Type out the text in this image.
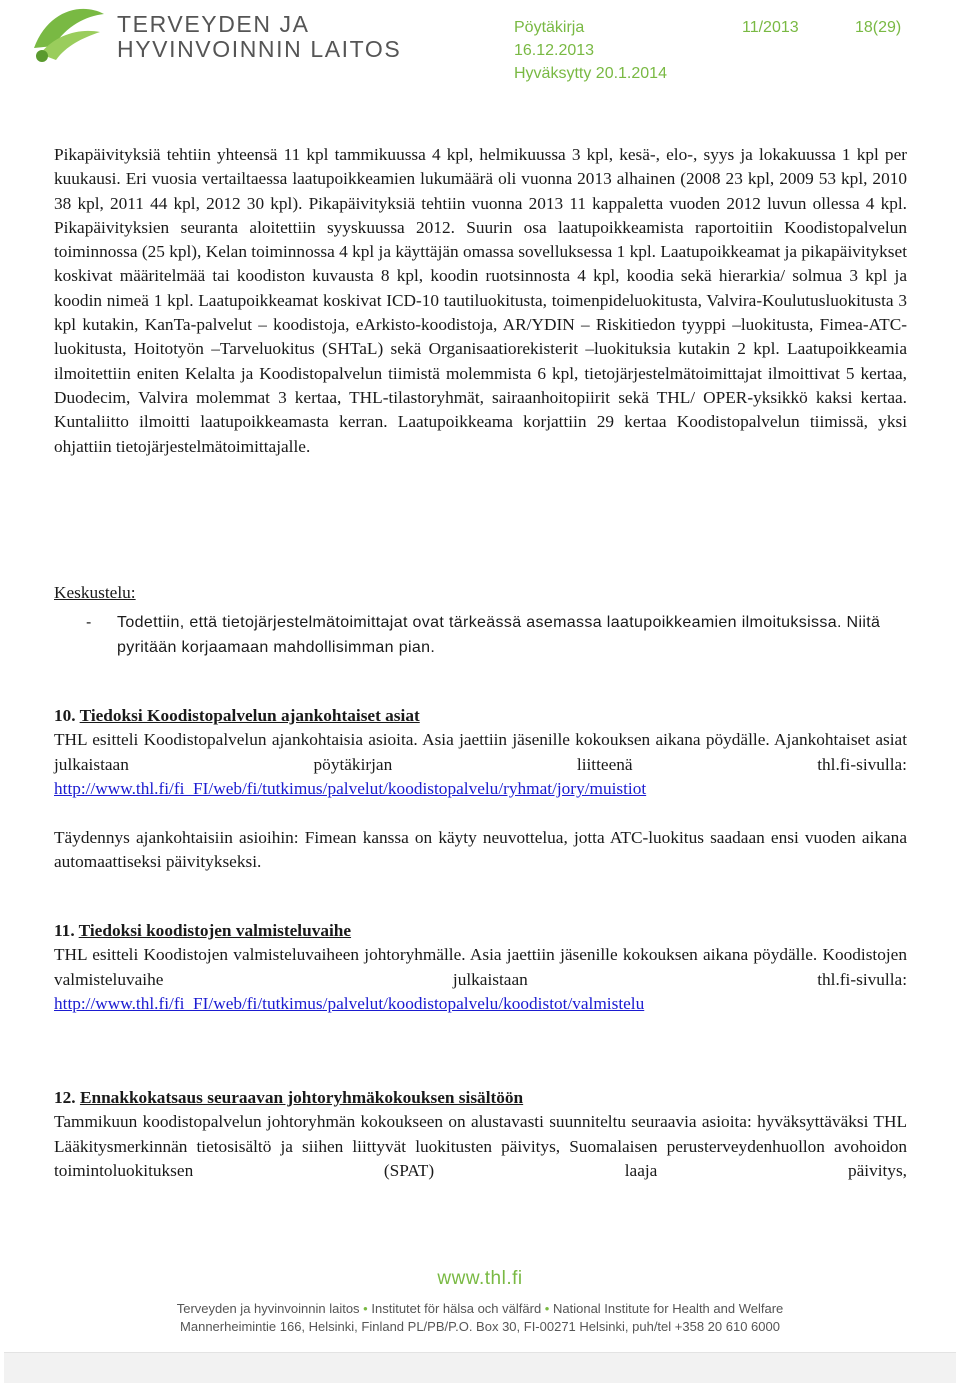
TERVEYDEN JA
HYVINVOINNIN LAITOS
Pöytäkirja	11/2013	18(29)
16.12.2013
Hyväksytty 20.1.2014

Pikapäivityksiä tehtiin yhteensä 11 kpl tammikuussa 4 kpl, helmikuussa 3 kpl, kesä-, elo-, syys ja lokakuussa 1 kpl per kuukausi. Eri vuosia vertailtaessa laatupoikkeamien lukumäärä oli vuonna 2013 alhainen (2008 23 kpl, 2009 53 kpl, 2010 38 kpl, 2011 44 kpl, 2012 30 kpl). Pikapäivityksiä tehtiin vuonna 2013 11 kappaletta vuoden 2012 luvun ollessa 4 kpl. Pikapäivityksien seuranta aloitettiin syyskuussa 2012. Suurin osa laatupoikkeamista raportoitiin Koodistopalvelun toiminnossa (25 kpl), Kelan toiminnossa 4 kpl ja käyttäjän omassa sovelluksessa 1 kpl. Laatupoikkeamat ja pikapäivitykset koskivat määritelmää tai koodiston kuvausta 8 kpl, koodin ruotsinnosta 4 kpl, koodia sekä hierarkia/ solmua 3 kpl ja koodin nimeä 1 kpl. Laatupoikkeamat koskivat ICD-10 tautiluokitusta, toimenpideluokitusta, Valvira-Koulutusluokitusta 3 kpl kutakin, KanTa-palvelut – koodistoja, eArkisto-koodistoja, AR/YDIN – Riskitiedon tyyppi –luokitusta, Fimea-ATC-luokitusta, Hoitotyön –Tarveluokitus (SHTaL) sekä Organisaatiorekisterit –luokituksia kutakin 2 kpl. Laatupoikkeamia ilmoitettiin eniten Kelalta ja Koodistopalvelun tiimistä molemmista 6 kpl, tietojärjestelmätoimittajat ilmoittivat 5 kertaa, Duodecim, Valvira molemmat 3 kertaa, THL-tilastoryhmät, sairaanhoitopiirit sekä THL/ OPER-yksikkö kaksi kertaa. Kuntaliitto ilmoitti laatupoikkeamasta kerran. Laatupoikkeama korjattiin 29 kertaa Koodistopalvelun tiimissä, yksi ohjattiin tietojärjestelmätoimittajalle.

Keskustelu:
- Todettiin, että tietojärjestelmätoimittajat ovat tärkeässä asemassa laatupoikkeamien ilmoituksissa. Niitä pyritään korjaamaan mahdollisimman pian.
10. Tiedoksi Koodistopalvelun ajankohtaiset asiat

THL esitteli Koodistopalvelun ajankohtaisia asioita. Asia jaettiin jäsenille kokouksen aikana pöydälle. Ajankohtaiset asiat julkaistaan pöytäkirjan liitteenä thl.fi-sivulla:

http://www.thl.fi/fi_FI/web/fi/tutkimus/palvelut/koodistopalvelu/ryhmat/jory/muistiot

Täydennys ajankohtaisiin asioihin: Fimean kanssa on käyty neuvottelua, jotta ATC-luokitus saadaan ensi vuoden aikana automaattiseksi päivitykseksi.

11. Tiedoksi koodistojen valmisteluvaihe

THL esitteli Koodistojen valmisteluvaiheen johtoryhmälle. Asia jaettiin jäsenille kokouksen aikana pöydälle. Koodistojen valmisteluvaihe julkaistaan thl.fi-sivulla:

http://www.thl.fi/fi_FI/web/fi/tutkimus/palvelut/koodistopalvelu/koodistot/valmistelu

12. Ennakkokatsaus seuraavan johtoryhmäkokouksen sisältöön

Tammikuun koodistopalvelun johtoryhmän kokoukseen on alustavasti suunniteltu seuraavia asioita: hyväksyttäväksi THL Lääkitysmerkinnän tietosisältö ja siihen liittyvät luokitusten päivitys, Suomalaisen perusterveydenhuollon avohoidon toimintoluokituksen (SPAT) laaja päivitys,

www.thl.fi
Terveyden ja hyvinvoinnin laitos • Institutet för hälsa och välfärd • National Institute for Health and Welfare
Mannerheimintie 166, Helsinki, Finland PL/PB/P.O. Box 30, FI-00271 Helsinki, puh/tel +358 20 610 6000
